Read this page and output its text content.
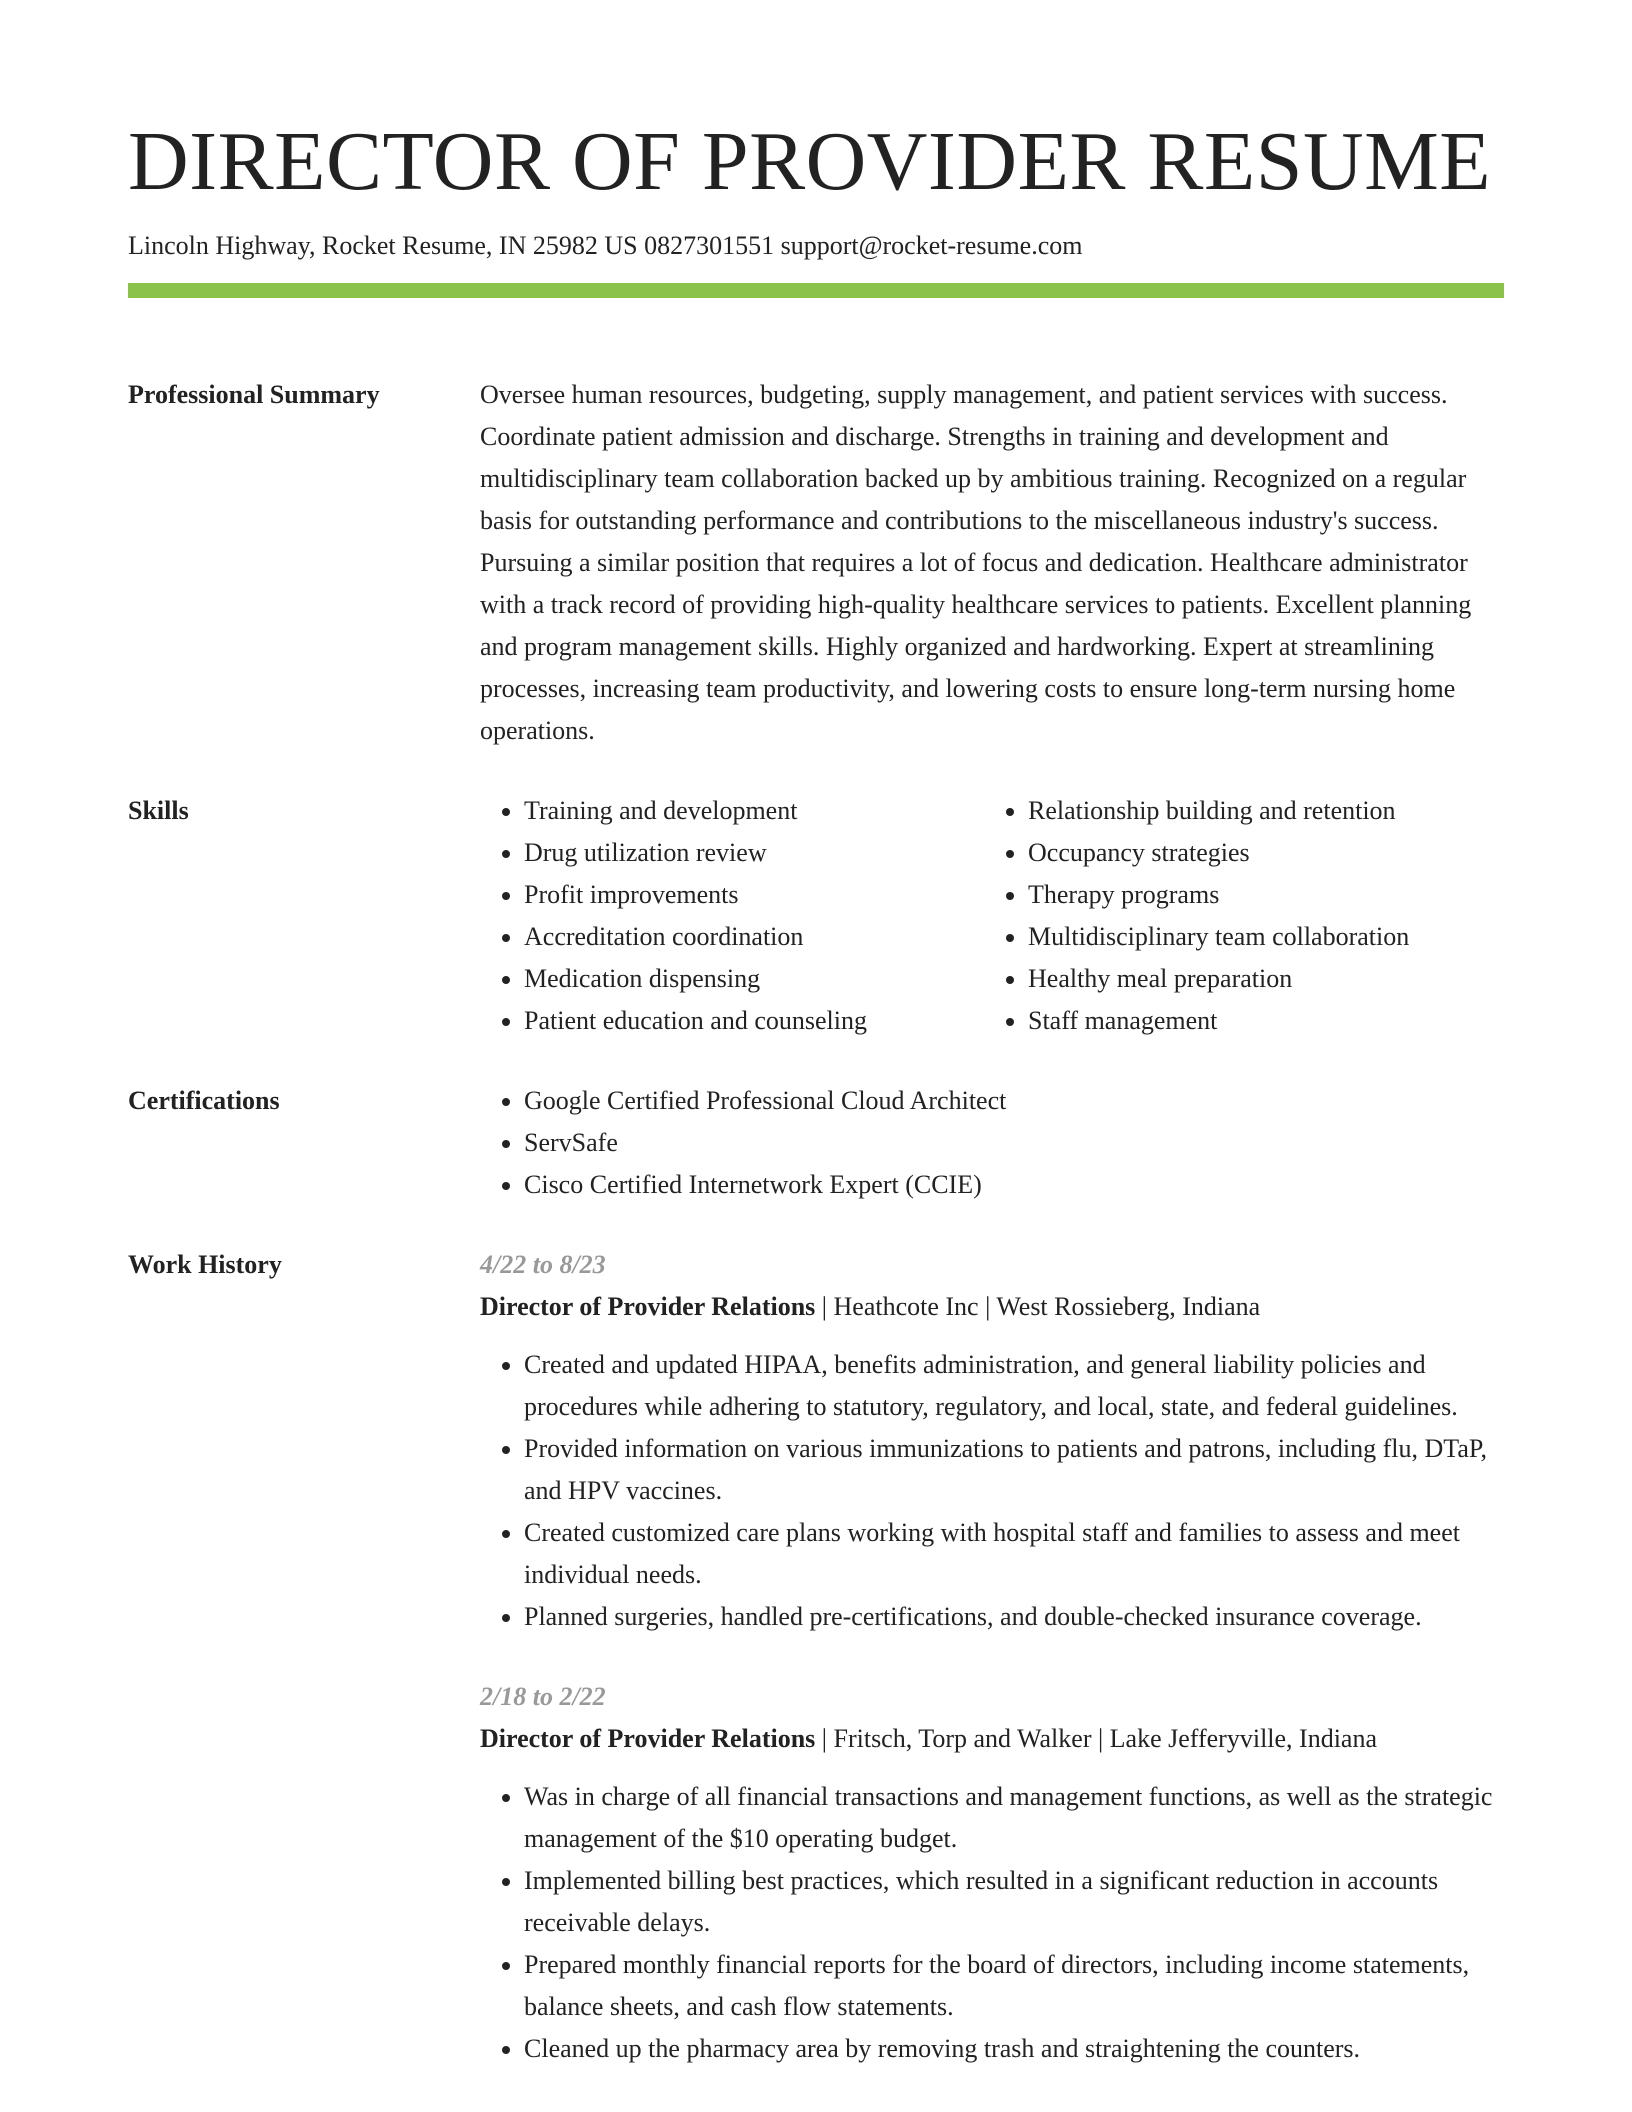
DIRECTOR OF PROVIDER RESUME
Lincoln Highway, Rocket Resume, IN 25982 US 0827301551 support@rocket-resume.com
Professional Summary	Oversee human resources, budgeting, supply management, and patient services with success. Coordinate patient admission and discharge. Strengths in training and development and multidisciplinary team collaboration backed up by ambitious training. Recognized on a regular basis for outstanding performance and contributions to the miscellaneous industry's success. Pursuing a similar position that requires a lot of focus and dedication. Healthcare administrator with a track record of providing high-quality healthcare services to patients. Excellent planning and program management skills. Highly organized and hardworking. Expert at streamlining processes, increasing team productivity, and lowering costs to ensure long-term nursing home operations.

Skills	• Training and development
• Drug utilization review
• Profit improvements
• Accreditation coordination
• Medication dispensing
• Patient education and counseling
• Relationship building and retention
• Occupancy strategies
• Therapy programs
• Multidisciplinary team collaboration
• Healthy meal preparation
• Staff management
Certifications	• Google Certified Professional Cloud Architect
• ServSafe
• Cisco Certified Internetwork Expert (CCIE)
Work History	4/22 to 8/23
Director of Provider Relations | Heathcote Inc | West Rossieberg, Indiana
• Created and updated HIPAA, benefits administration, and general liability policies and procedures while adhering to statutory, regulatory, and local, state, and federal guidelines.
• Provided information on various immunizations to patients and patrons, including flu, DTaP, and HPV vaccines.
• Created customized care plans working with hospital staff and families to assess and meet individual needs.
• Planned surgeries, handled pre-certifications, and double-checked insurance coverage.
2/18 to 2/22
Director of Provider Relations | Fritsch, Torp and Walker | Lake Jefferyville, Indiana
• Was in charge of all financial transactions and management functions, as well as the strategic management of the $10 operating budget.
• Implemented billing best practices, which resulted in a significant reduction in accounts receivable delays.
• Prepared monthly financial reports for the board of directors, including income statements, balance sheets, and cash flow statements.
• Cleaned up the pharmacy area by removing trash and straightening the counters.
